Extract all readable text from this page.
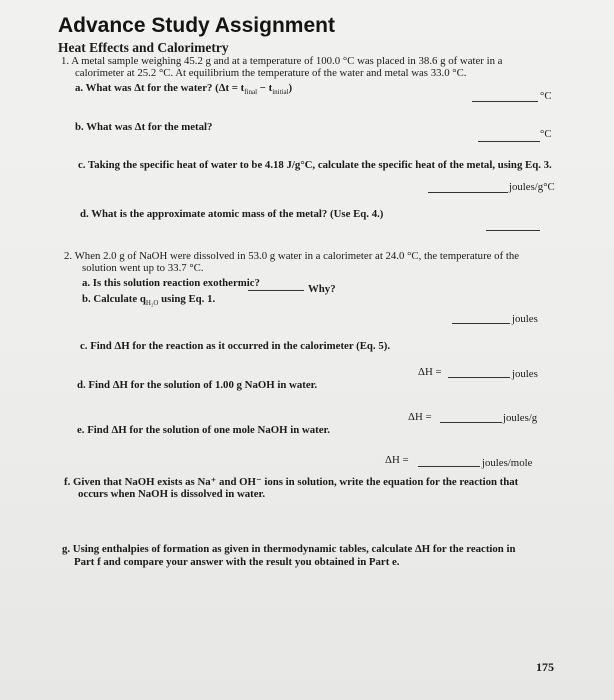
Advance Study Assignment
Heat Effects and Calorimetry
1. A metal sample weighing 45.2 g and at a temperature of 100.0 °C was placed in 38.6 g of water in a
calorimeter at 25.2 °C. At equilibrium the temperature of the water and metal was 33.0 °C.
a. What was Δt for the water? $(\Delta t = t_{final} - t_{initial})$
°C
b. What was Δt for the metal?
°C
c. Taking the specific heat of water to be 4.18 J/g°C, calculate the specific heat of the metal, using Eq. 3.
joules/g°C
d. What is the approximate atomic mass of the metal? (Use Eq. 4.)
2. When 2.0 g of NaOH were dissolved in 53.0 g water in a calorimeter at 24.0 °C, the temperature of the
solution went up to 33.7 °C.
a. Is this solution reaction exothermic?	Why?
b. Calculate $q_{H_2O}$ using Eq. 1.
joules
c. Find ΔH for the reaction as it occurred in the calorimeter (Eq. 5).
ΔH =	joules
d. Find ΔH for the solution of 1.00 g NaOH in water.
ΔH =	joules/g
e. Find ΔH for the solution of one mole NaOH in water.
ΔH =	joules/mole
f. Given that NaOH exists as Na⁺ and OH⁻ ions in solution, write the equation for the reaction that
occurs when NaOH is dissolved in water.
g. Using enthalpies of formation as given in thermodynamic tables, calculate ΔH for the reaction in
Part f and compare your answer with the result you obtained in Part e.
175
